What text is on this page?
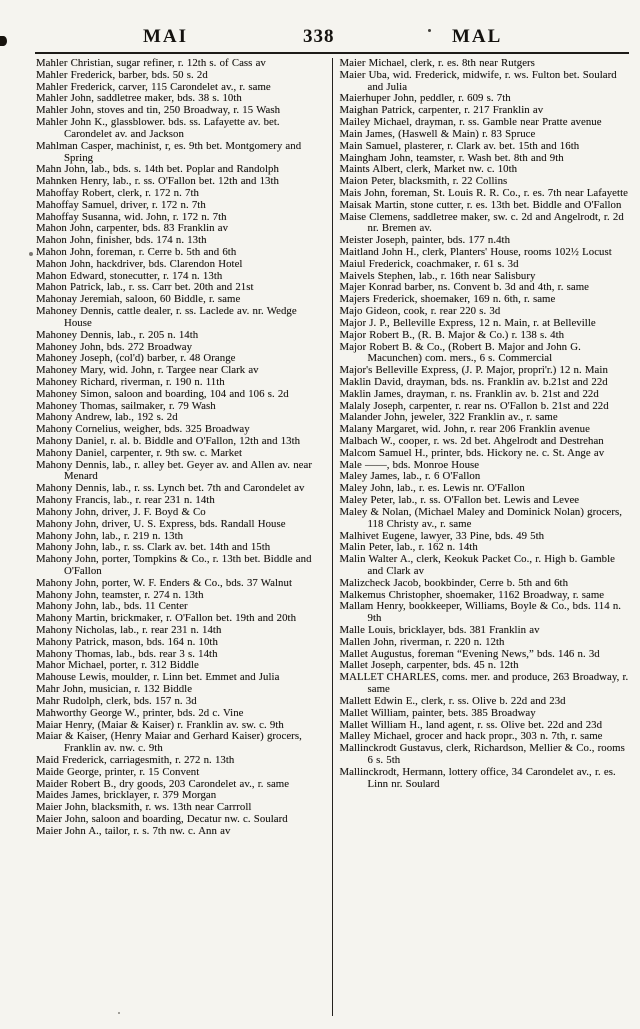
MAI	338	MAL
Mahler Christian, sugar refiner, r. 12th s. of Cass av
Mahler Frederick, barber, bds. 50 s. 2d
Mahler Frederick, carver, 115 Carondelet av., r. same
Mahler John, saddletree maker, bds. 38 s. 10th
Mahler John, stoves and tin, 250 Broadway, r. 15 Wash
Mahler John K., glassblower. bds. ss. Lafayette av. bet. Carondelet av. and Jackson
Mahlman Casper, machinist, r, es. 9th bet. Montgomery and Spring
Mahn John, lab., bds. s. 14th bet. Poplar and Randolph
Mahnken Henry, lab., r. ss. O'Fallon bet. 12th and 13th
Mahoffay Robert, clerk, r. 172 n. 7th
Mahoffay Samuel, driver, r. 172 n. 7th
Mahoffay Susanna, wid. John, r. 172 n. 7th
Mahon John, carpenter, bds. 83 Franklin av
Mahon John, finisher, bds. 174 n. 13th
Mahon John, foreman, r. Cerre b. 5th and 6th
Mahon John, hackdriver, bds. Clarendon Hotel
Mahon Edward, stonecutter, r. 174 n. 13th
Mahon Patrick, lab., r. ss. Carr bet. 20th and 21st
Mahonay Jeremiah, saloon, 60 Biddle, r. same
Mahoney Dennis, cattle dealer, r. ss. Laclede av. nr. Wedge House
Mahoney Dennis, lab., r. 205 n. 14th
Mahoney John, bds. 272 Broadway
Mahoney Joseph, (col'd) barber, r. 48 Orange
Mahoney Mary, wid. John, r. Targee near Clark av
Mahoney Richard, riverman, r. 190 n. 11th
Mahoney Simon, saloon and boarding, 104 and 106 s. 2d
Mahoney Thomas, sailmaker, r. 79 Wash
Mahony Andrew, lab., 192 s. 2d
Mahony Cornelius, weigher, bds. 325 Broadway
Mahony Daniel, r. al. b. Biddle and O'Fallon, 12th and 13th
Mahony Daniel, carpenter, r. 9th sw. c. Market
Mahony Dennis, lab., r. alley bet. Geyer av. and Allen av. near Menard
Mahony Dennis, lab., r. ss. Lynch bet. 7th and Carondelet av
Mahony Francis, lab., r. rear 231 n. 14th
Mahony John, driver, J. F. Boyd & Co
Mahony John, driver, U. S. Express, bds. Randall House
Mahony John, lab., r. 219 n. 13th
Mahony John, lab., r. ss. Clark av. bet. 14th and 15th
Mahony John, porter, Tompkins & Co., r. 13th bet. Biddle and O'Fallon
Mahony John, porter, W. F. Enders & Co., bds. 37 Walnut
Mahony John, teamster, r. 274 n. 13th
Mahony John, lab., bds. 11 Center
Mahony Martin, brickmaker, r. O'Fallon bet. 19th and 20th
Mahony Nicholas, lab., r. rear 231 n. 14th
Mahony Patrick, mason, bds. 164 n. 10th
Mahony Thomas, lab., bds. rear 3 s. 14th
Mahor Michael, porter, r. 312 Biddle
Mahouse Lewis, moulder, r. Linn bet. Emmet and Julia
Mahr John, musician, r. 132 Biddle
Mahr Rudolph, clerk, bds. 157 n. 3d
Mahworthy George W., printer, bds. 2d c. Vine
Maiar Henry, (Maiar & Kaiser) r. Franklin av. sw. c. 9th
Maiar & Kaiser, (Henry Maiar and Gerhard Kaiser) grocers, Franklin av. nw. c. 9th
Maid Frederick, carriagesmith, r. 272 n. 13th
Maide George, printer, r. 15 Convent
Maider Robert B., dry goods, 203 Carondelet av., r. same
Maides James, bricklayer, r. 379 Morgan
Maier John, blacksmith, r. ws. 13th near Carrroll
Maier John, saloon and boarding, Decatur nw. c. Soulard
Maier John A., tailor, r. s. 7th nw. c. Ann av
Maier Michael, clerk, r. es. 8th near Rutgers
Maier Uba, wid. Frederick, midwife, r. ws. Fulton bet. Soulard and Julia
Maierhuper John, peddler, r. 609 s. 7th
Maighan Patrick, carpenter, r. 217 Franklin av
Mailey Michael, drayman, r. ss. Gamble near Pratte avenue
Main James, (Haswell & Main) r. 83 Spruce
Main Samuel, plasterer, r. Clark av. bet. 15th and 16th
Maingham John, teamster, r. Wash bet. 8th and 9th
Maints Albert, clerk, Market nw. c. 10th
Maion Peter, blacksmith, r. 22 Collins
Mais John, foreman, St. Louis R. R. Co., r. es. 7th near Lafayette
Maisak Martin, stone cutter, r. es. 13th bet. Biddle and O'Fallon
Maise Clemens, saddletree maker, sw. c. 2d and Angelrodt, r. 2d nr. Bremen av.
Meister Joseph, painter, bds. 177 n.4th
Maitland John H., clerk, Planters' House, rooms 102½ Locust
Maiul Frederick, coachmaker, r. 61 s. 3d
Maivels Stephen, lab., r. 16th near Salisbury
Majer Konrad barber, ns. Convent b. 3d and 4th, r. same
Majers Frederick, shoemaker, 169 n. 6th, r. same
Majo Gideon, cook, r. rear 220 s. 3d
Major J. P., Belleville Express, 12 n. Main, r. at Belleville
Major Robert B., (R. B. Major & Co.) r. 138 s. 4th
Major Robert B. & Co., (Robert B. Major and John G. Macunchen) com. mers., 6 s. Commercial
Major's Belleville Express, (J. P. Major, propri'r.) 12 n. Main
Maklin David, drayman, bds. ns. Franklin av. b.21st and 22d
Maklin James, drayman, r. ns. Franklin av. b. 21st and 22d
Malaly Joseph, carpenter, r. rear ns. O'Fallon b. 21st and 22d
Malander John, jeweler, 322 Franklin av., r. same
Malany Margaret, wid. John, r. rear 206 Franklin avenue
Malbach W., cooper, r. ws. 2d bet. Ahgelrodt and Destrehan
Malcom Samuel H., printer, bds. Hickory ne. c. St. Ange av
Male ——, bds. Monroe House
Maley James, lab., r. 6 O'Fallon
Maley John, lab., r. es. Lewis nr. O'Fallon
Maley Peter, lab., r. ss. O'Fallon bet. Lewis and Levee
Maley & Nolan, (Michael Maley and Dominick Nolan) grocers, 118 Christy av., r. same
Malhivet Eugene, lawyer, 33 Pine, bds. 49 5th
Malin Peter, lab., r. 162 n. 14th
Malin Walter A., clerk, Keokuk Packet Co., r. High b. Gamble and Clark av
Malizcheck Jacob, bookbinder, Cerre b. 5th and 6th
Malkemus Christopher, shoemaker, 1162 Broadway, r. same
Mallam Henry, bookkeeper, Williams, Boyle & Co., bds. 114 n. 9th
Malle Louis, bricklayer, bds. 381 Franklin av
Mallen John, riverman, r. 220 n. 12th
Mallet Augustus, foreman “Evening News,” bds. 146 n. 3d
Mallet Joseph, carpenter, bds. 45 n. 12th
MALLET CHARLES, coms. mer. and produce, 263 Broadway, r. same
Mallett Edwin E., clerk, r. ss. Olive b. 22d and 23d
Mallet William, painter, bets. 385 Broadway
Mallet William H., land agent, r. ss. Olive bet. 22d and 23d
Malley Michael, grocer and hack propr., 303 n. 7th, r. same
Mallinckrodt Gustavus, clerk, Richardson, Mellier & Co., rooms 6 s. 5th
Mallinckrodt, Hermann, lottery office, 34 Carondelet av., r. es. Linn nr. Soulard
